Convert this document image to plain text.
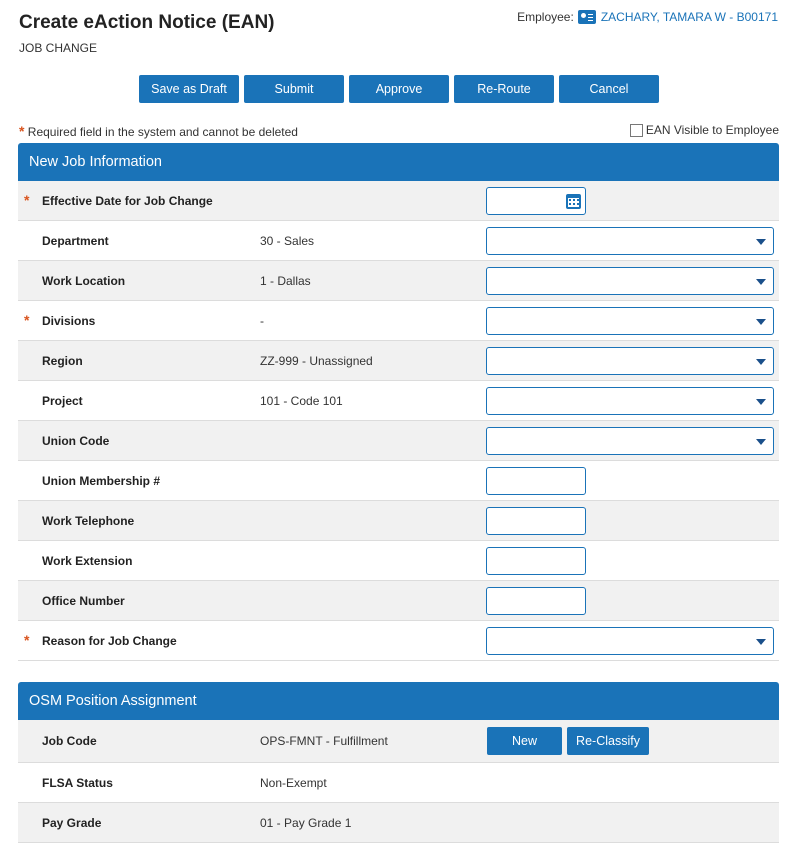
Create eAction Notice (EAN)
JOB CHANGE
Employee: ZACHARY, TAMARA W - B00171
Save as Draft	Submit	Approve	Re-Route	Cancel
* Required field in the system and cannot be deleted	EAN Visible to Employee
New Job Information
* Effective Date for Job Change
Department	30 - Sales
Work Location	1 - Dallas
* Divisions	-
Region	ZZ-999 - Unassigned
Project	101 - Code 101
Union Code
Union Membership #
Work Telephone
Work Extension
Office Number
* Reason for Job Change
OSM Position Assignment
Job Code	OPS-FMNT - Fulfillment	New	Re-Classify
FLSA Status	Non-Exempt
Pay Grade	01 - Pay Grade 1
